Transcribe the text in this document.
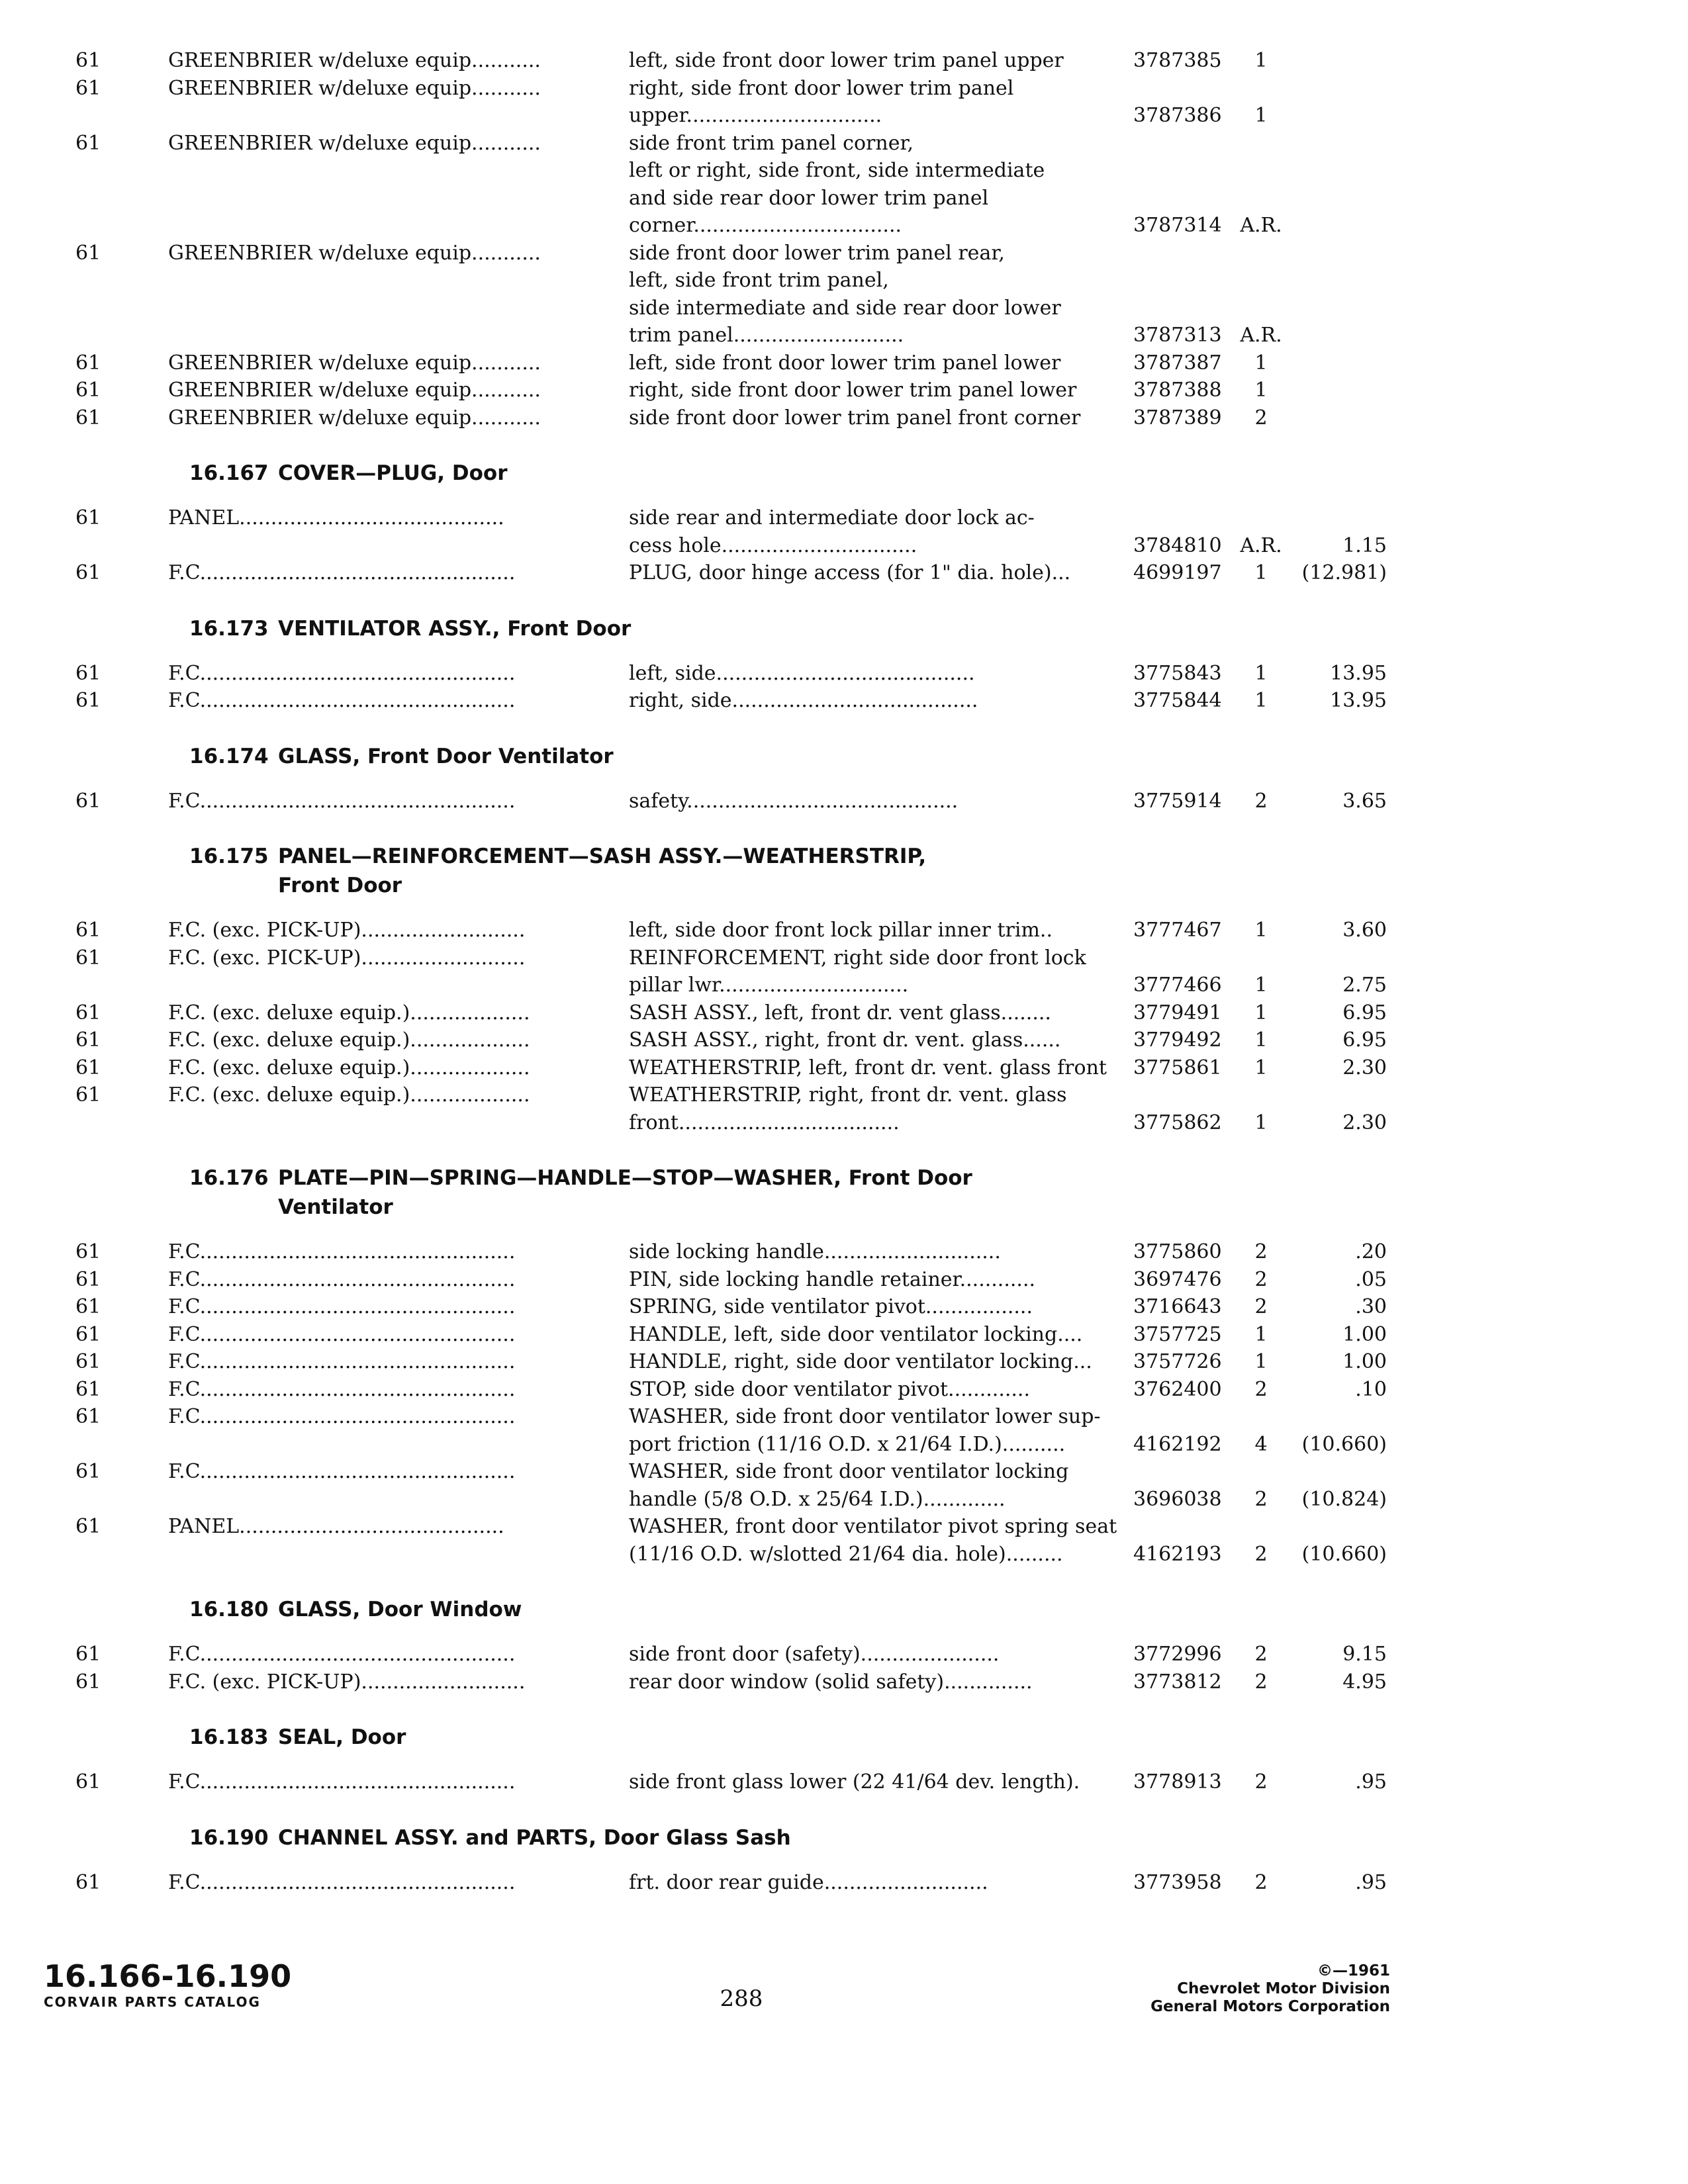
61	GREENBRIER w/deluxe equip...........	left, side front door lower trim panel upper	3787385	1
61	GREENBRIER w/deluxe equip...........	right, side front door lower trim panel
upper...............................	3787386	1
61	GREENBRIER w/deluxe equip...........	side front trim panel corner,
left or right, side front, side intermediate
and side rear door lower trim panel
corner.................................	3787314 A.R.
61	GREENBRIER w/deluxe equip...........	side front door lower trim panel rear,
left, side front trim panel,
side intermediate and side rear door lower
trim panel...........................	3787313 A.R.
61	GREENBRIER w/deluxe equip...........	left, side front door lower trim panel lower	3787387	1
61	GREENBRIER w/deluxe equip...........	right, side front door lower trim panel lower	3787388	1
61	GREENBRIER w/deluxe equip...........	side front door lower trim panel front corner	3787389	2
16.167 COVER—PLUG, Door
61	PANEL..........................................	side rear and intermediate door lock ac-
cess hole...............................	3784810 A.R.	1.15
61	F.C..................................................	PLUG, door hinge access (for 1" dia. hole)...	4699197	1	(12.981)
16.173 VENTILATOR ASSY., Front Door
61	F.C..................................................	left, side.........................................	3775843	1	13.95
61	F.C..................................................	right, side.......................................	3775844	1	13.95
16.174 GLASS, Front Door Ventilator
61	F.C..................................................	safety...........................................	3775914	2	3.65
16.175 PANEL—REINFORCEMENT—SASH ASSY.—WEATHERSTRIP,
Front Door
61	F.C. (exc. PICK-UP)..........................	left, side door front lock pillar inner trim..	3777467	1	3.60
61	F.C. (exc. PICK-UP)..........................	REINFORCEMENT, right side door front lock
pillar lwr..............................	3777466	1	2.75
61	F.C. (exc. deluxe equip.)...................	SASH ASSY., left, front dr. vent glass........	3779491	1	6.95
61	F.C. (exc. deluxe equip.)...................	SASH ASSY., right, front dr. vent. glass......	3779492	1	6.95
61	F.C. (exc. deluxe equip.)...................	WEATHERSTRIP, left, front dr. vent. glass front 3775861	1	2.30
61	F.C. (exc. deluxe equip.)...................	WEATHERSTRIP, right, front dr. vent. glass
front...................................	3775862	1	2.30
16.176 PLATE—PIN—SPRING—HANDLE—STOP—WASHER, Front Door
Ventilator
61	F.C..................................................	side locking handle............................	3775860	2	.20
61	F.C..................................................	PIN, side locking handle retainer............	3697476	2	.05
61	F.C..................................................	SPRING, side ventilator pivot.................	3716643	2	.30
61	F.C..................................................	HANDLE, left, side door ventilator locking....	3757725	1	1.00
61	F.C..................................................	HANDLE, right, side door ventilator locking... 3757726	1	1.00
61	F.C..................................................	STOP, side door ventilator pivot.............	3762400	2	.10
61	F.C..................................................	WASHER, side front door ventilator lower sup-
port friction (11/16 O.D. x 21/64 I.D.)..........	4162192	4	(10.660)
61	F.C..................................................	WASHER, side front door ventilator locking
handle (5/8 O.D. x 25/64 I.D.).............	3696038	2	(10.824)
61	PANEL..........................................	WASHER, front door ventilator pivot spring seat
(11/16 O.D. w/slotted 21/64 dia. hole).........	4162193	2	(10.660)
16.180 GLASS, Door Window
61	F.C..................................................	side front door (safety)......................	3772996	2	9.15
61	F.C. (exc. PICK-UP)..........................	rear door window (solid safety)..............	3773812	2	4.95
16.183 SEAL, Door
61	F.C..................................................	side front glass lower (22 41/64 dev. length).	3778913	2	.95
16.190 CHANNEL ASSY. and PARTS, Door Glass Sash
61	F.C..................................................	frt. door rear guide..........................	3773958	2	.95
16.166-16.190
CORVAIR PARTS CATALOG	288
©—1961
Chevrolet Motor Division
General Motors Corporation
